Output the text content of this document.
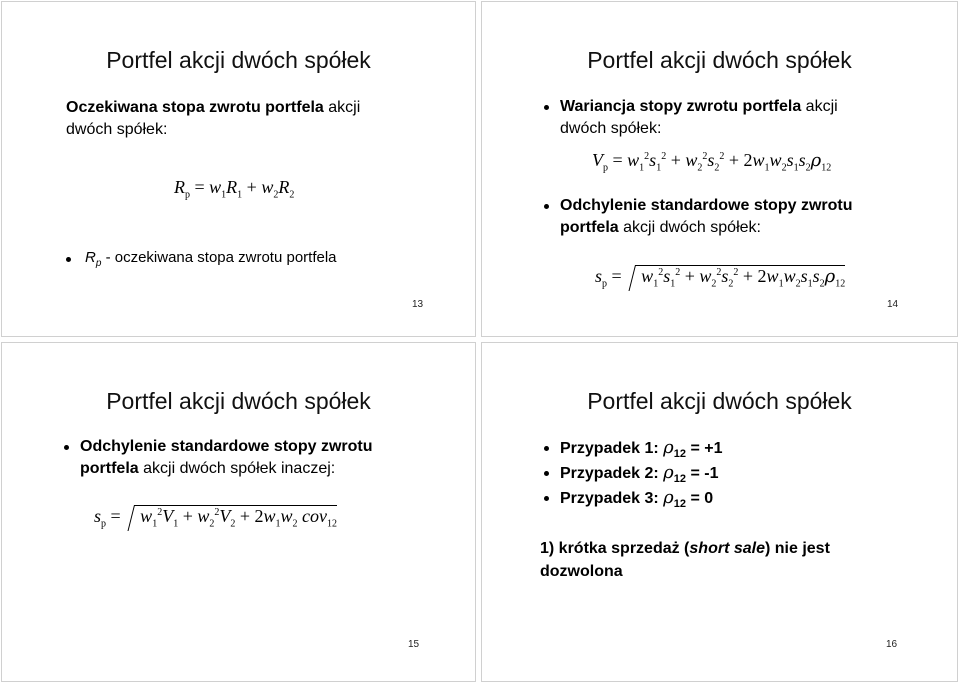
Portfel akcji dwóch spółek
Oczekiwana stopa zwrotu portfela akcji
dwóch spółek:
$R_p = w_1R_1 + w_2R_2$
$R_p$ - oczekiwana stopa zwrotu portfela
13
Portfel akcji dwóch spółek
Wariancja stopy zwrotu portfela akcji
dwóch spółek:
$V_p = w_1^2s_1^2 + w_2^2s_2^2 + 2w_1w_2s_1s_2\rho_{12}$
Odchylenie standardowe stopy zwrotu
portfela akcji dwóch spółek:
$s_p = w_1^2s_1^2 + w_2^2s_2^2 + 2w_1w_2s_1s_2\rho_{12}$
14
Portfel akcji dwóch spółek
Odchylenie standardowe stopy zwrotu
portfela akcji dwóch spółek inaczej:
$s_p = w_1^2V_1 + w_2^2V_2 + 2w_1w_2$ cov$_{12}$
15
Portfel akcji dwóch spółek
Przypadek 1: $\rho_{12} = +1$
Przypadek 2: $\rho_{12} = -1$
Przypadek 3: $\rho_{12} = 0$
1) krótka sprzedaż (short sale) nie jest
dozwolona
16
